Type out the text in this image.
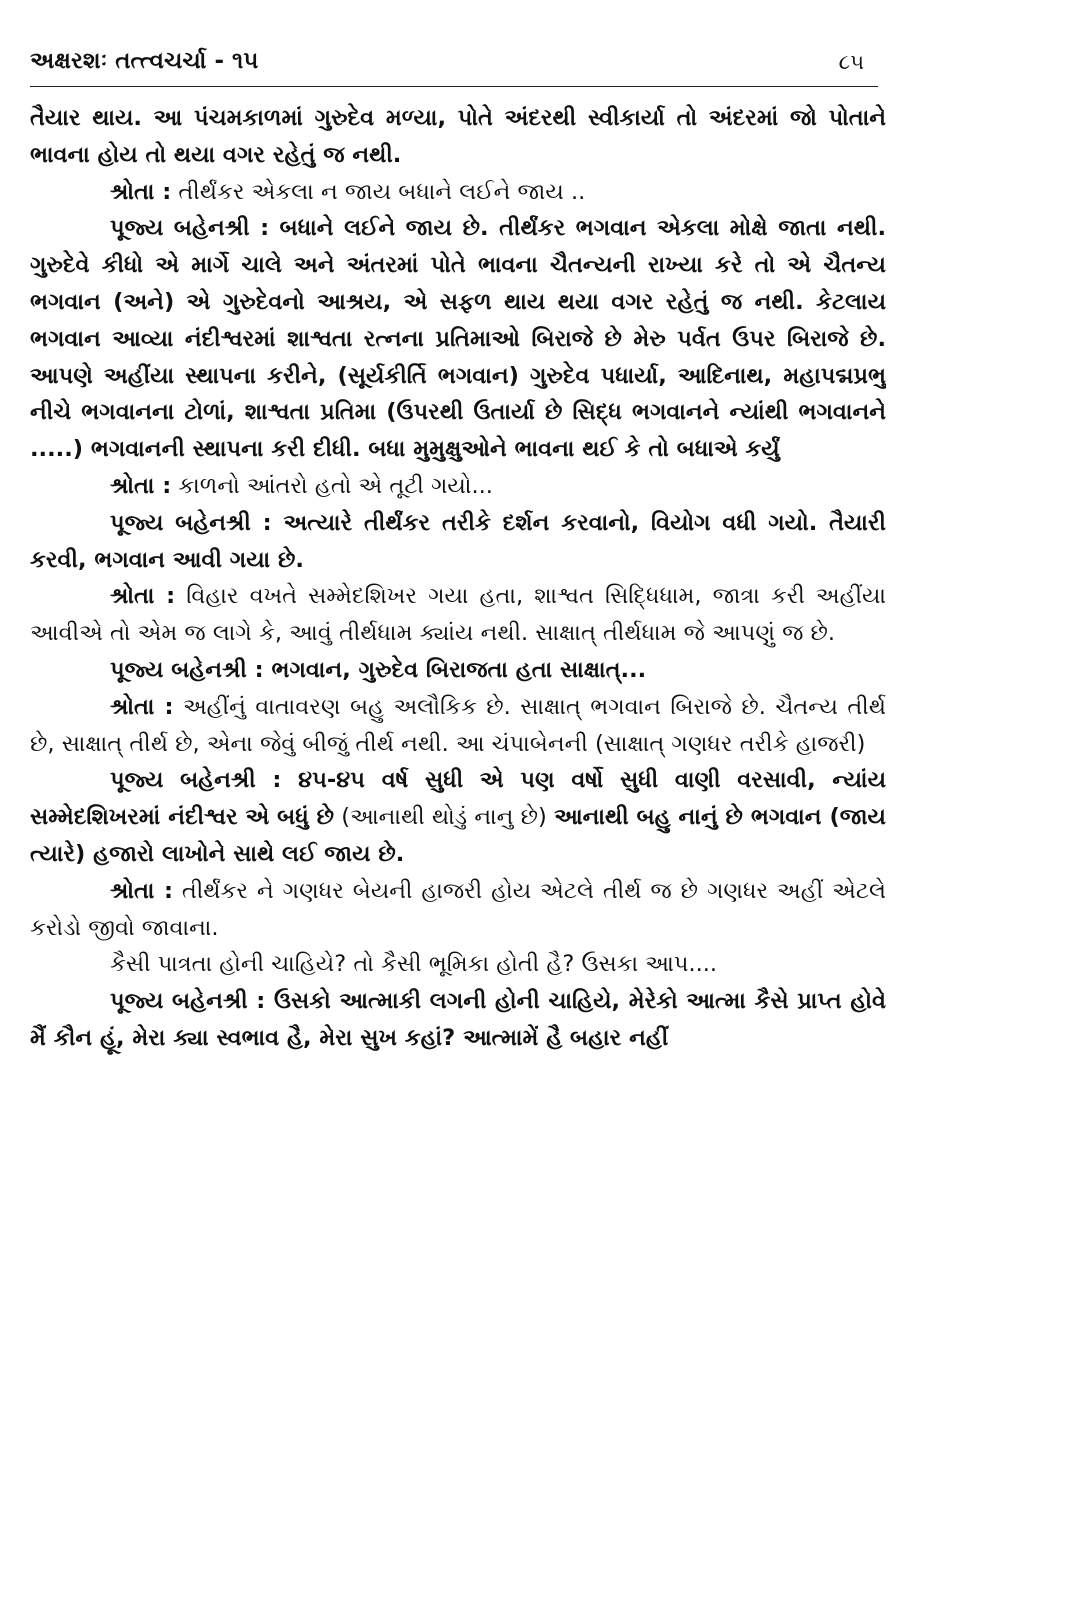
અક્ષરશઃ તત્ત્વચર્ચા - ૧૫	૮૫

તૈયાર થાય. આ પંચમકાળમાં ગુરુદેવ મળ્યા, પોતે અંદરથી સ્વીકાર્યા તો અંદરમાં જો પોતાને ભાવના હોય તો થયા વગર રહેતું જ નથી.

શ્રોતા : તીર્થંકર એકલા ન જાય બધાને લઈને જાય ..

પૂજ્ય બહેનશ્રી : બધાને લઈને જાય છે. તીર્થંકર ભગવાન એકલા મોક્ષે જાતા નથી. ગુરુદેવે કીધો એ માર્ગે ચાલે અને અંતરમાં પોતે ભાવના ચૈતન્યની રાખ્યા કરે તો એ ચૈતન્ય ભગવાન (અને) એ ગુરુદેવનો આશ્રય, એ સફળ થાય થયા વગર રહેતું જ નથી. કેટલાય ભગવાન આવ્યા નંદીશ્વરમાં શાશ્વતા રત્નના પ્રતિમાઓ બિરાજે છે મેરુ પર્વત ઉપર બિરાજે છે. આપણે અહીંયા સ્થાપના કરીને, (સૂર્યકીર્તિ ભગવાન) ગુરુદેવ પધાર્યા, આદિનાથ, મહાપદ્મપ્રભુ નીચે ભગવાનના ટોળાં, શાશ્વતા પ્રતિમા (ઉપરથી ઉતાર્યા છે સિદ્ધ ભગવાનને ન્યાંથી ભગવાનને .....) ભગવાનની સ્થાપના કરી દીધી. બધા મુમુક્ષુઓને ભાવના થઈ કે તો બધાએ કર્યું

શ્રોતા : કાળનો આંતરો હતો એ તૂટી ગયો...

પૂજ્ય બહેનશ્રી : અત્યારે તીર્થંકર તરીકે દર્શન કરવાનો, વિયોગ વધી ગયો. તૈયારી કરવી, ભગવાન આવી ગયા છે.

શ્રોતા : વિહાર વખતે સમ્મેદશિખર ગયા હતા, શાશ્વત સિદ્ધિધામ, જાત્રા કરી અહીંયા આવીએ તો એમ જ લાગે કે, આવું તીર્થધામ ક્યાંય નથી. સાક્ષાત્ તીર્થધામ જે આપણું જ છે.

પૂજ્ય બહેનશ્રી : ભગવાન, ગુરુદેવ બિરાજતા હતા સાક્ષાત્...

શ્રોતા : અહીંનું વાતાવરણ બહુ અલૌકિક છે. સાક્ષાત્ ભગવાન બિરાજે છે. ચૈતન્ય તીર્થ છે, સાક્ષાત્ તીર્થ છે, એના જેવું બીજું તીર્થ નથી. આ ચંપાબેનની (સાક્ષાત્ ગણધર તરીકે હાજરી)

પૂજ્ય બહેનશ્રી : ૪૫-૪૫ વર્ષ સુધી એ પણ વર્ષો સુધી વાણી વરસાવી, ન્યાંય સમ્મેદશિખરમાં નંદીશ્વર એ બધું છે (આનાથી થોડું નાનુ છે) આનાથી બહુ નાનું છે ભગવાન (જાય ત્યારે) હજારો લાખોને સાથે લઈ જાય છે.

શ્રોતા : તીર્થંકર ને ગણધર બેયની હાજરી હોય એટલે તીર્થ જ છે ગણધર અહીં એટલે કરોડો જીવો જાવાના.

કૈસી પાત્રતા હોની ચાહિયે? તો કૈસી ભૂમિકા હોતી હૈ? ઉસકા આપ....

પૂજ્ય બહેનશ્રી : ઉસકો આત્માકી લગની હોની ચાહિયે, મેરેકો આત્મા કૈસે પ્રાપ્ત હોવે મૈં કૌન હૂં, મેરા ક્યા સ્વભાવ હૈ, મેરા સુખ કહાં? આત્મામેં હૈ બહાર નહીં
